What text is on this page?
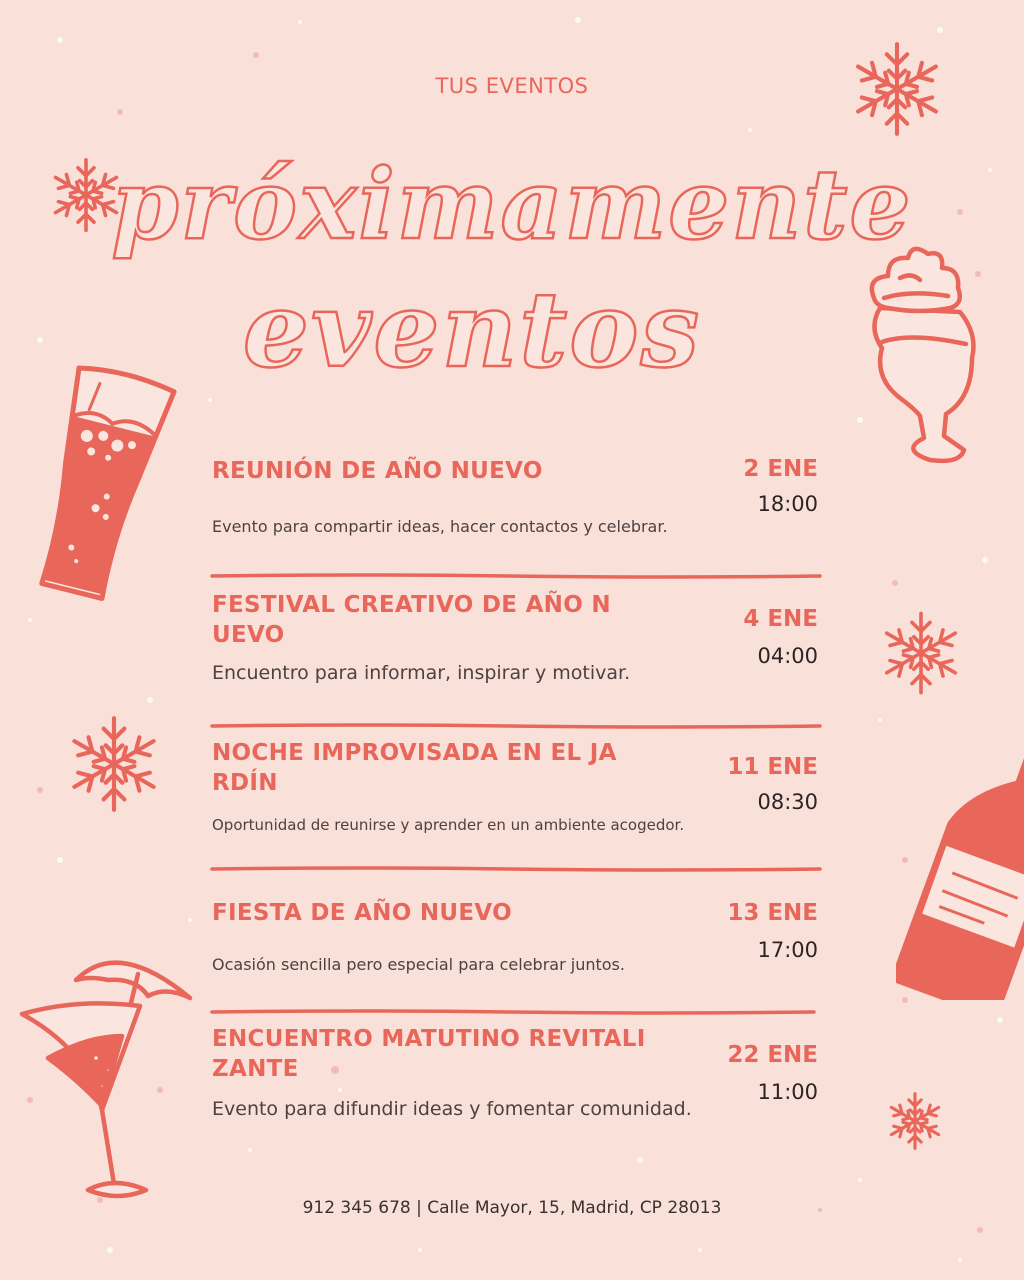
TUS EVENTOS
próximamente
eventos
REUNIÓN DE AÑO NUEVO	2 ENE
18:00
Evento para compartir ideas, hacer contactos y celebrar.
FESTIVAL CREATIVO DE AÑO N UEVO
4 ENE
04:00
Encuentro para informar, inspirar y motivar.
NOCHE IMPROVISADA EN EL JA RDÍN
11 ENE
08:30
Oportunidad de reunirse y aprender en un ambiente acogedor.
FIESTA DE AÑO NUEVO	13 ENE
17:00
Ocasión sencilla pero especial para celebrar juntos.
ENCUENTRO MATUTINO REVITALI ZANTE
22 ENE
11:00
Evento para difundir ideas y fomentar comunidad.
912 345 678 | Calle Mayor, 15, Madrid, CP 28013
